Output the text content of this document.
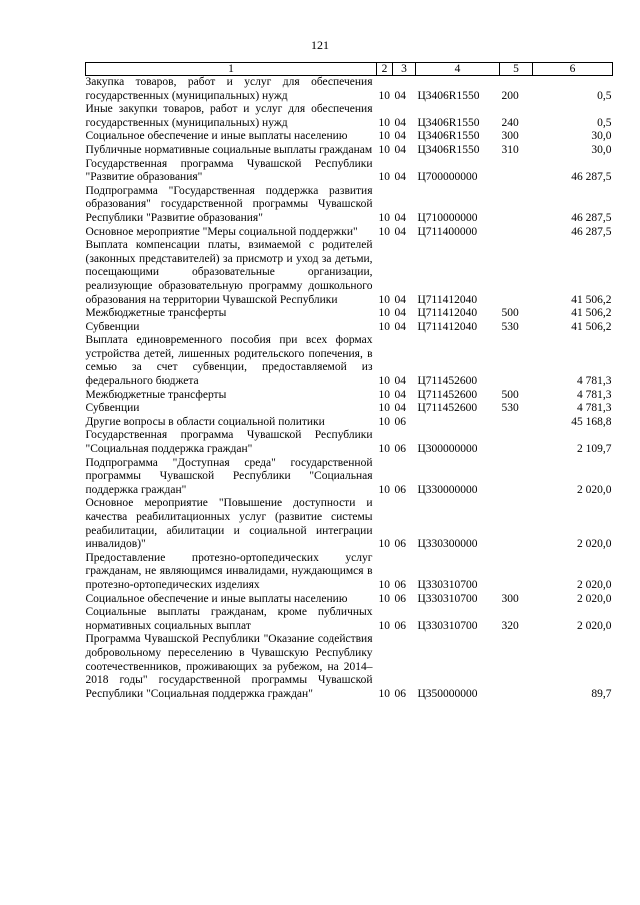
121
1	2	3	4	5	6
Закупка товаров, работ и услуг для обеспечения государственных (муниципальных) нужд	10	04	Ц3406R1550	200	0,5
Иные закупки товаров, работ и услуг для обеспечения государственных (муниципальных) нужд	10	04	Ц3406R1550	240	0,5
Социальное обеспечение и иные выплаты населению	10	04	Ц3406R1550	300	30,0
Публичные нормативные социальные выплаты гражданам	10	04	Ц3406R1550	310	30,0
Государственная программа Чувашской Республики "Развитие образования"	10	04	Ц700000000		46 287,5
Подпрограмма "Государственная поддержка развития образования" государственной программы Чувашской Республики "Развитие образования"	10	04	Ц710000000		46 287,5
Основное мероприятие "Меры социальной поддержки"	10	04	Ц711400000		46 287,5
Выплата компенсации платы, взимаемой с родителей (законных представителей) за присмотр и уход за детьми, посещающими образовательные организации, реализующие образовательную программу дошкольного образования на территории Чувашской Республики	10	04	Ц711412040		41 506,2
Межбюджетные трансферты	10	04	Ц711412040	500	41 506,2
Субвенции	10	04	Ц711412040	530	41 506,2
Выплата единовременного пособия при всех формах устройства детей, лишенных родительского попечения, в семью за счет субвенции, предоставляемой из федерального бюджета	10	04	Ц711452600		4 781,3
Межбюджетные трансферты	10	04	Ц711452600	500	4 781,3
Субвенции	10	04	Ц711452600	530	4 781,3
Другие вопросы в области социальной политики	10	06			45 168,8
Государственная программа Чувашской Республики "Социальная поддержка граждан"	10	06	Ц300000000		2 109,7
Подпрограмма "Доступная среда" государственной программы Чувашской Республики "Социальная поддержка граждан"	10	06	Ц330000000		2 020,0
Основное мероприятие "Повышение доступности и качества реабилитационных услуг (развитие системы реабилитации, абилитации и социальной интеграции инвалидов)"	10	06	Ц330300000		2 020,0
Предоставление протезно-ортопедических услуг гражданам, не являющимся инвалидами, нуждающимся в протезно-ортопедических изделиях	10	06	Ц330310700		2 020,0
Социальное обеспечение и иные выплаты населению	10	06	Ц330310700	300	2 020,0
Социальные выплаты гражданам, кроме публичных нормативных социальных выплат	10	06	Ц330310700	320	2 020,0
Программа Чувашской Республики "Оказание содействия добровольному переселению в Чувашскую Республику соотечественников, проживающих за рубежом, на 2014–2018 годы" государственной программы Чувашской Республики "Социальная поддержка граждан"	10	06	Ц350000000		89,7
